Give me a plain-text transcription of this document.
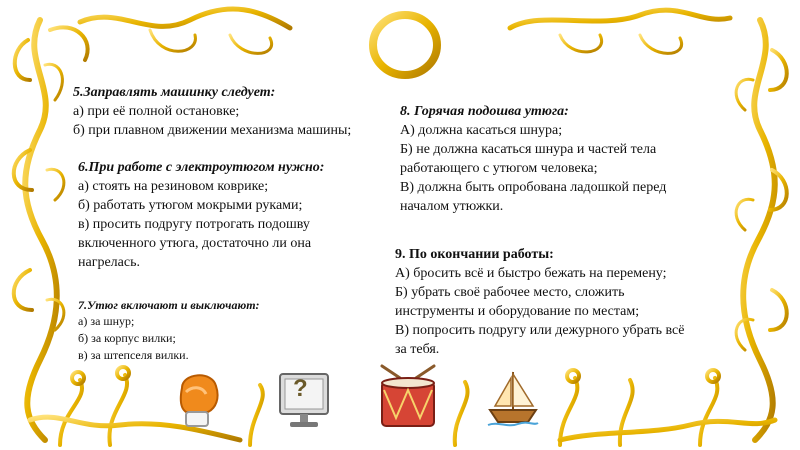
5.Заправлять машинку следует:
а) при её полной остановке;
б) при плавном движении механизма машины;
6.При работе с электроутюгом нужно:
а) стоять на резиновом коврике;
б) работать утюгом мокрыми руками;
в) просить подругу потрогать подошву
включенного утюга, достаточно ли она
нагрелась.
7.Утюг включают и выключают:
а) за шнур;
б) за корпус вилки;
в) за штепселя вилки.
8. Горячая подошва утюга:
А) должна касаться шнура;
Б) не должна касаться шнура и частей тела
работающего с утюгом человека;
В) должна быть опробована ладошкой перед
началом утюжки.
9. По окончании работы:
А) бросить всё и быстро бежать на перемену;
Б) убрать своё рабочее место, сложить
инструменты и оборудование по местам;
В) попросить подругу или дежурного убрать всё
за тебя.
?
